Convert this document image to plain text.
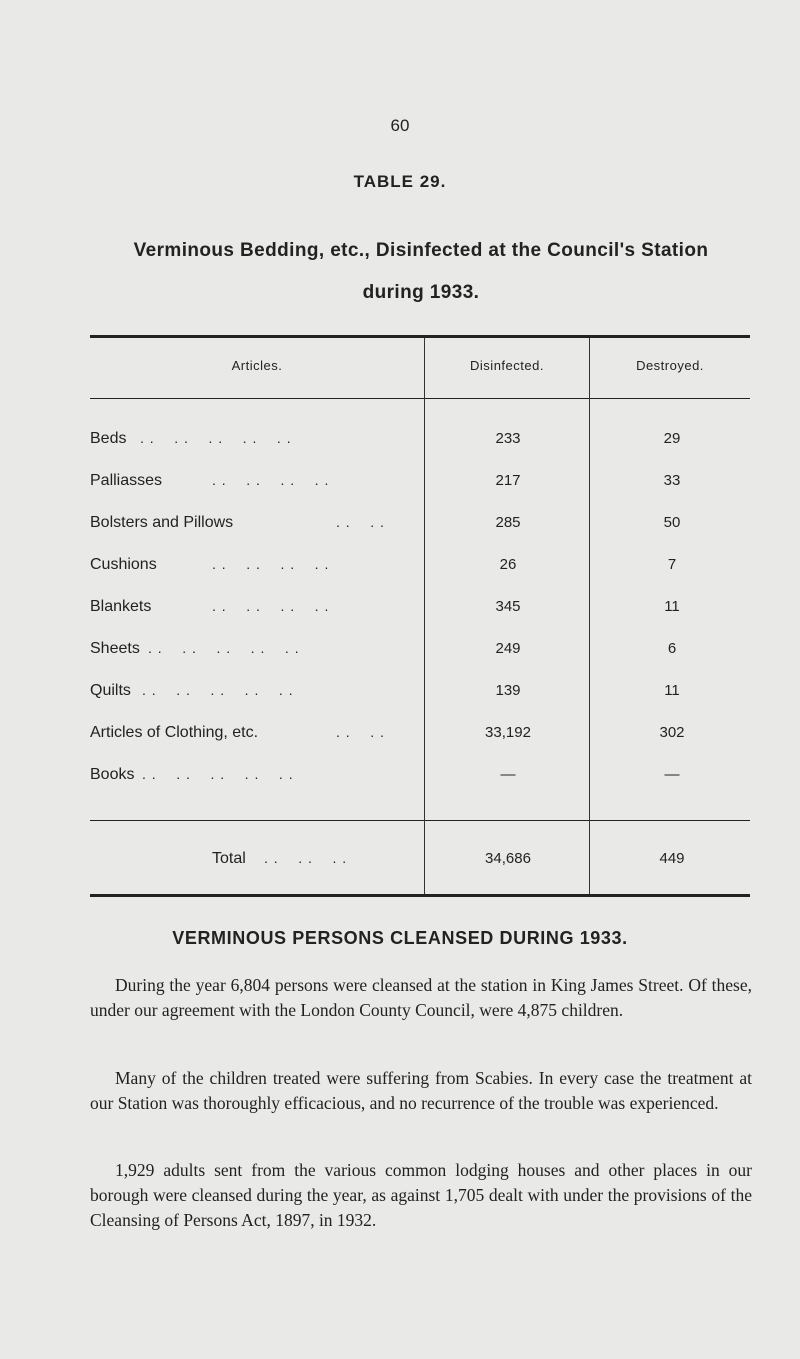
60
TABLE 29.
Verminous Bedding, etc., Disinfected at the Council's Station
during 1933.
Articles.	Disinfected.	Destroyed.
Beds . .    . .    . .    . .    . .	233	29
Palliasses	. .    . .    . .    . .	217	33
Bolsters and Pillows	. .    . .	285	50
Cushions	. .    . .    . .    . .	26	7
Blankets	. .    . .    . .    . .	345	11
Sheets . .    . .    . .    . .    . .	249	6
Quilts . .    . .    . .    . .    . .	139	11
Articles of Clothing, etc.	. .    . .	33,192	302
Books . .    . .    . .    . .    . .	—	—
Total . .    . .    . .	34,686	449
VERMINOUS PERSONS CLEANSED DURING 1933.

During the year 6,804 persons were cleansed at the station in King James Street. Of these, under our agreement with the London County Council, were 4,875 children.

Many of the children treated were suffering from Scabies. In every case the treatment at our Station was thoroughly efficacious, and no recurrence of the trouble was experienced.

1,929 adults sent from the various common lodging houses and other places in our borough were cleansed during the year, as against 1,705 dealt with under the provisions of the Cleansing of Persons Act, 1897, in 1932.
